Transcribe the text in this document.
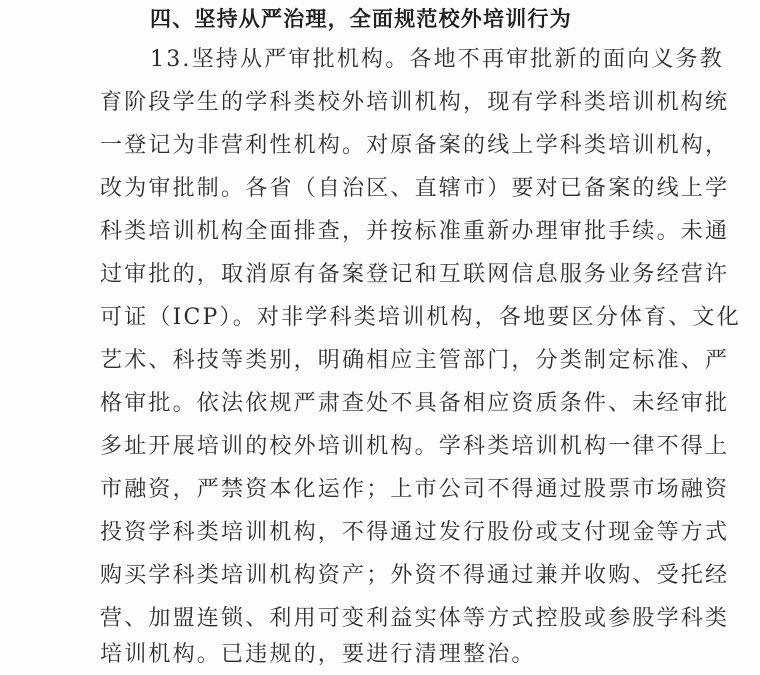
四、坚持从严治理，全面规范校外培训行为
13.坚持从严审批机构。各地不再审批新的面向义务教
育阶段学生的学科类校外培训机构，现有学科类培训机构统
一登记为非营利性机构。对原备案的线上学科类培训机构，
改为审批制。各省（自治区、直辖市）要对已备案的线上学
科类培训机构全面排查，并按标准重新办理审批手续。未通
过审批的，取消原有备案登记和互联网信息服务业务经营许
可证（ICP）。对非学科类培训机构，各地要区分体育、文化
艺术、科技等类别，明确相应主管部门，分类制定标准、严
格审批。依法依规严肃查处不具备相应资质条件、未经审批
多址开展培训的校外培训机构。学科类培训机构一律不得上
市融资，严禁资本化运作；上市公司不得通过股票市场融资
投资学科类培训机构，不得通过发行股份或支付现金等方式
购买学科类培训机构资产；外资不得通过兼并收购、受托经
营、加盟连锁、利用可变利益实体等方式控股或参股学科类
培训机构。已违规的，要进行清理整治。
